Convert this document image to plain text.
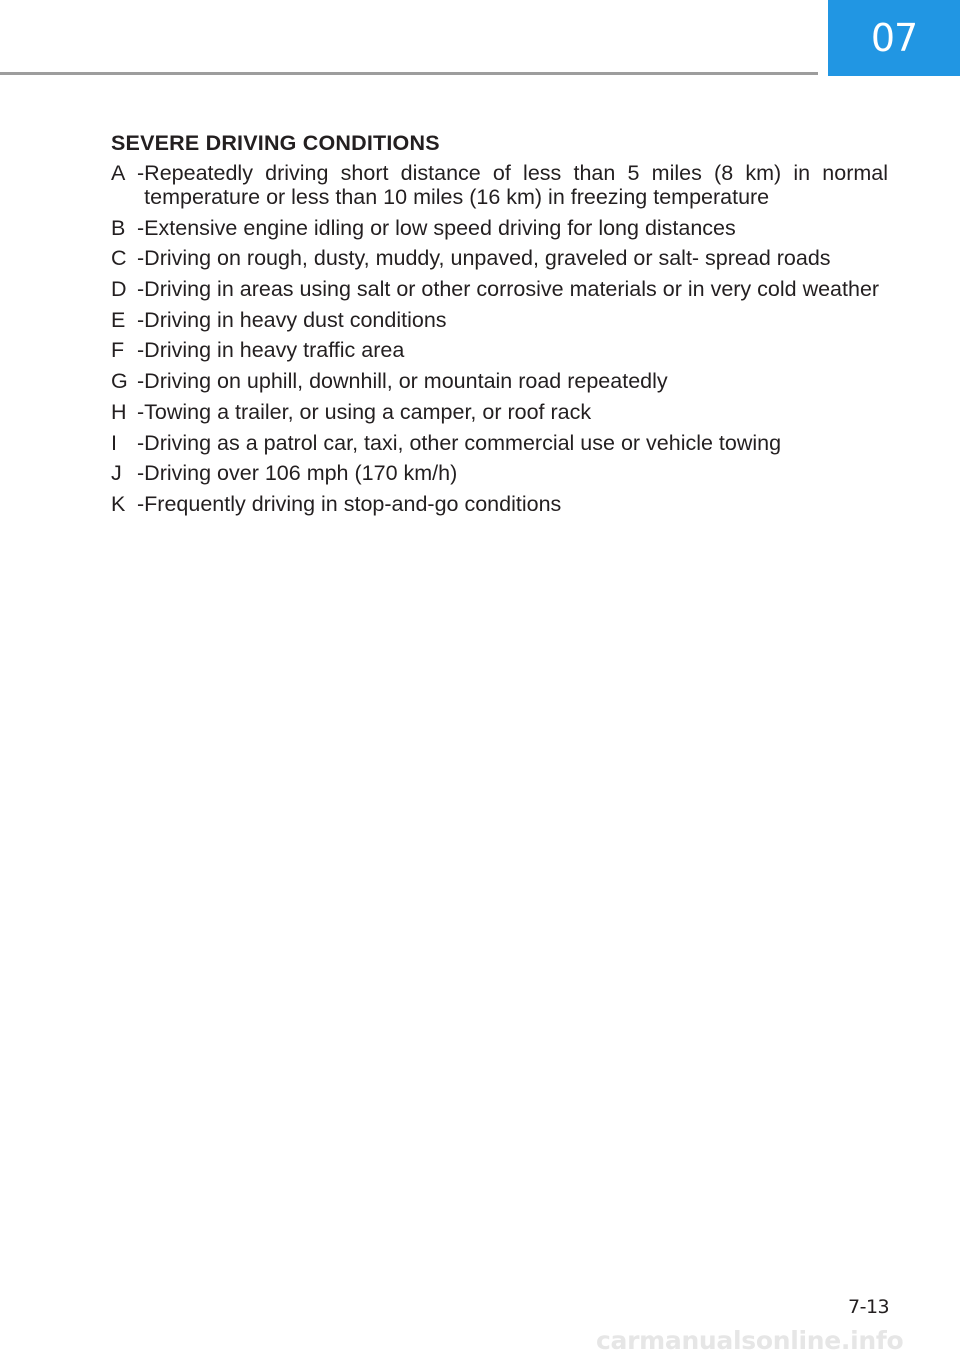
07
SEVERE DRIVING CONDITIONS
A - Repeatedly driving short distance of less than 5 miles (8 km) in normal temperature or less than 10 miles (16 km) in freezing temperature
B - Extensive engine idling or low speed driving for long distances
C - Driving on rough, dusty, muddy, unpaved, graveled or salt- spread roads
D - Driving in areas using salt or other corrosive materials or in very cold weather
E - Driving in heavy dust conditions
F - Driving in heavy traffic area
G - Driving on uphill, downhill, or mountain road repeatedly
H - Towing a trailer, or using a camper, or roof rack
I - Driving as a patrol car, taxi, other commercial use or vehicle towing
J - Driving over 106 mph (170 km/h)
K - Frequently driving in stop-and-go conditions
7-13
carmanualsonline.info
